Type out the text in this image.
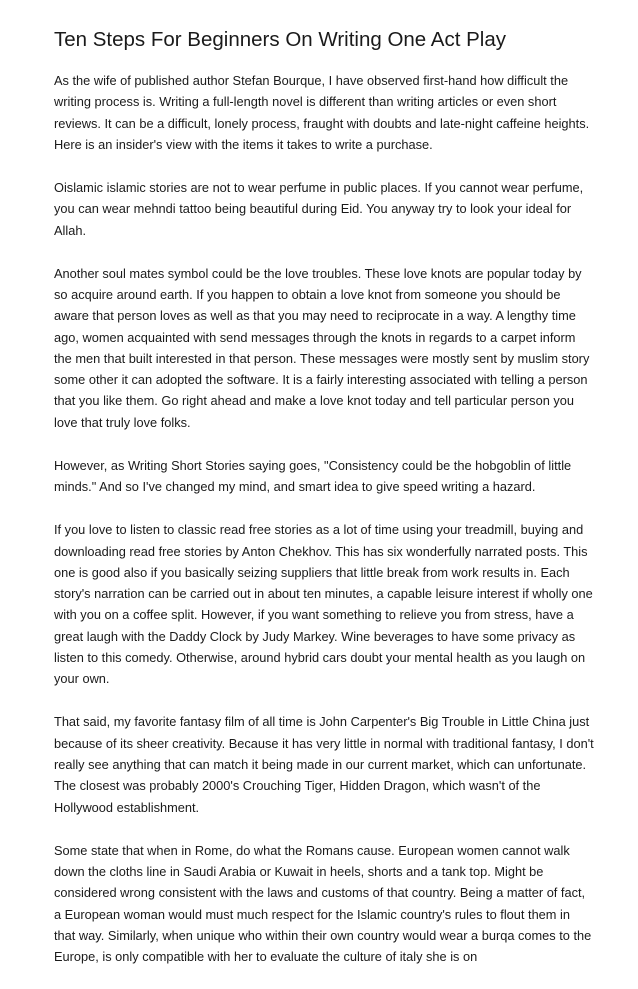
Ten Steps For Beginners On Writing One Act Play

As the wife of published author Stefan Bourque, I have observed first-hand how difficult the writing process is. Writing a full-length novel is different than writing articles or even short reviews. It can be a difficult, lonely process, fraught with doubts and late-night caffeine heights. Here is an insider's view with the items it takes to write a purchase.

Oislamic islamic stories are not to wear perfume in public places. If you cannot wear perfume, you can wear mehndi tattoo being beautiful during Eid. You anyway try to look your ideal for Allah.

Another soul mates symbol could be the love troubles. These love knots are popular today by so acquire around earth. If you happen to obtain a love knot from someone you should be aware that person loves as well as that you may need to reciprocate in a way. A lengthy time ago, women acquainted with send messages through the knots in regards to a carpet inform the men that built interested in that person. These messages were mostly sent by muslim story some other it can adopted the software. It is a fairly interesting associated with telling a person that you like them. Go right ahead and make a love knot today and tell particular person you love that truly love folks.

However, as Writing Short Stories saying goes, "Consistency could be the hobgoblin of little minds." And so I've changed my mind, and smart idea to give speed writing a hazard.

If you love to listen to classic read free stories as a lot of time using your treadmill, buying and downloading read free stories by Anton Chekhov. This has six wonderfully narrated posts. This one is good also if you basically seizing suppliers that little break from work results in. Each story's narration can be carried out in about ten minutes, a capable leisure interest if wholly one with you on a coffee split. However, if you want something to relieve you from stress, have a great laugh with the Daddy Clock by Judy Markey. Wine beverages to have some privacy as listen to this comedy. Otherwise, around hybrid cars doubt your mental health as you laugh on your own.

That said, my favorite fantasy film of all time is John Carpenter's Big Trouble in Little China just because of its sheer creativity. Because it has very little in normal with traditional fantasy, I don't really see anything that can match it being made in our current market, which can unfortunate. The closest was probably 2000's Crouching Tiger, Hidden Dragon, which wasn't of the Hollywood establishment.

Some state that when in Rome, do what the Romans cause. European women cannot walk down the cloths line in Saudi Arabia or Kuwait in heels, shorts and a tank top. Might be considered wrong consistent with the laws and customs of that country. Being a matter of fact, a European woman would must much respect for the Islamic country's rules to flout them in that way. Similarly, when unique who within their own country would wear a burqa comes to the Europe, is only compatible with her to evaluate the culture of italy she is on
